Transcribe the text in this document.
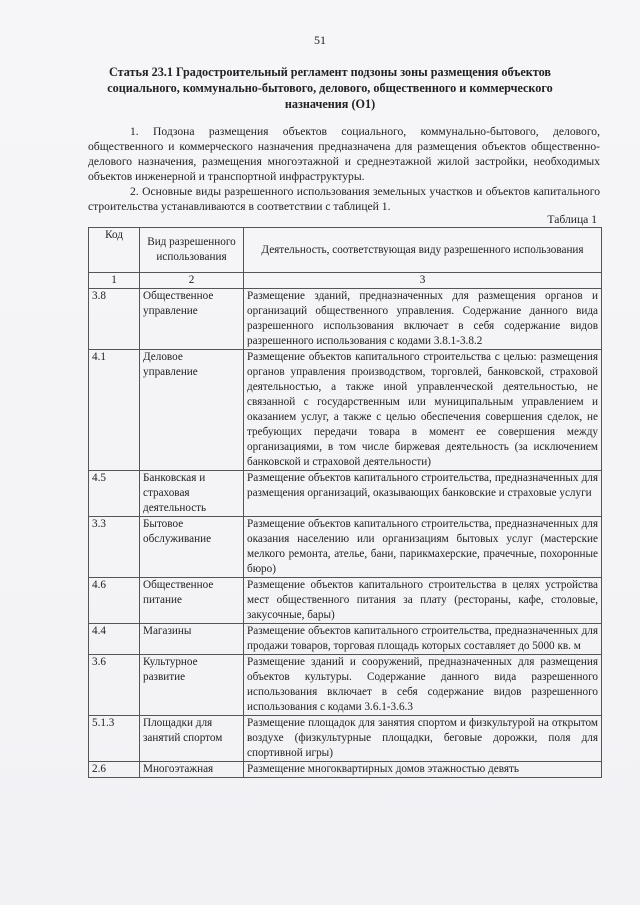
51
Статья 23.1 Градостроительный регламент подзоны зоны размещения объектов социального, коммунально-бытового, делового, общественного и коммерческого назначения (О1)
1. Подзона размещения объектов социального, коммунально-бытового, делового, общественного и коммерческого назначения предназначена для размещения объектов общественно-делового назначения, размещения многоэтажной и среднеэтажной жилой застройки, необходимых объектов инженерной и транспортной инфраструктуры.
2. Основные виды разрешенного использования земельных участков и объектов капитального строительства устанавливаются в соответствии с таблицей 1.
Таблица 1
Код	Вид разрешенного использования	Деятельность, соответствующая виду разрешенного использования
1	2	3
3.8	Общественное управление	Размещение зданий, предназначенных для размещения органов и организаций общественного управления. Содержание данного вида разрешенного использования включает в себя содержание видов разрешенного использования с кодами 3.8.1-3.8.2
4.1	Деловое управление	Размещение объектов капитального строительства с целью: размещения органов управления производством, торговлей, банковской, страховой деятельностью, а также иной управленческой деятельностью, не связанной с государственным или муниципальным управлением и оказанием услуг, а также с целью обеспечения совершения сделок, не требующих передачи товара в момент ее совершения между организациями, в том числе биржевая деятельность (за исключением банковской и страховой деятельности)
4.5	Банковская и страховая деятельность	Размещение объектов капитального строительства, предназначенных для размещения организаций, оказывающих банковские и страховые услуги
3.3	Бытовое обслуживание	Размещение объектов капитального строительства, предназначенных для оказания населению или организациям бытовых услуг (мастерские мелкого ремонта, ателье, бани, парикмахерские, прачечные, похоронные бюро)
4.6	Общественное питание	Размещение объектов капитального строительства в целях устройства мест общественного питания за плату (рестораны, кафе, столовые, закусочные, бары)
4.4	Магазины	Размещение объектов капитального строительства, предназначенных для продажи товаров, торговая площадь которых составляет до 5000 кв. м
3.6	Культурное развитие	Размещение зданий и сооружений, предназначенных для размещения объектов культуры. Содержание данного вида разрешенного использования включает в себя содержание видов разрешенного использования с кодами 3.6.1-3.6.3
5.1.3	Площадки для занятий спортом	Размещение площадок для занятия спортом и физкультурой на открытом воздухе (физкультурные площадки, беговые дорожки, поля для спортивной игры)
2.6	Многоэтажная	Размещение многоквартирных домов этажностью девять
